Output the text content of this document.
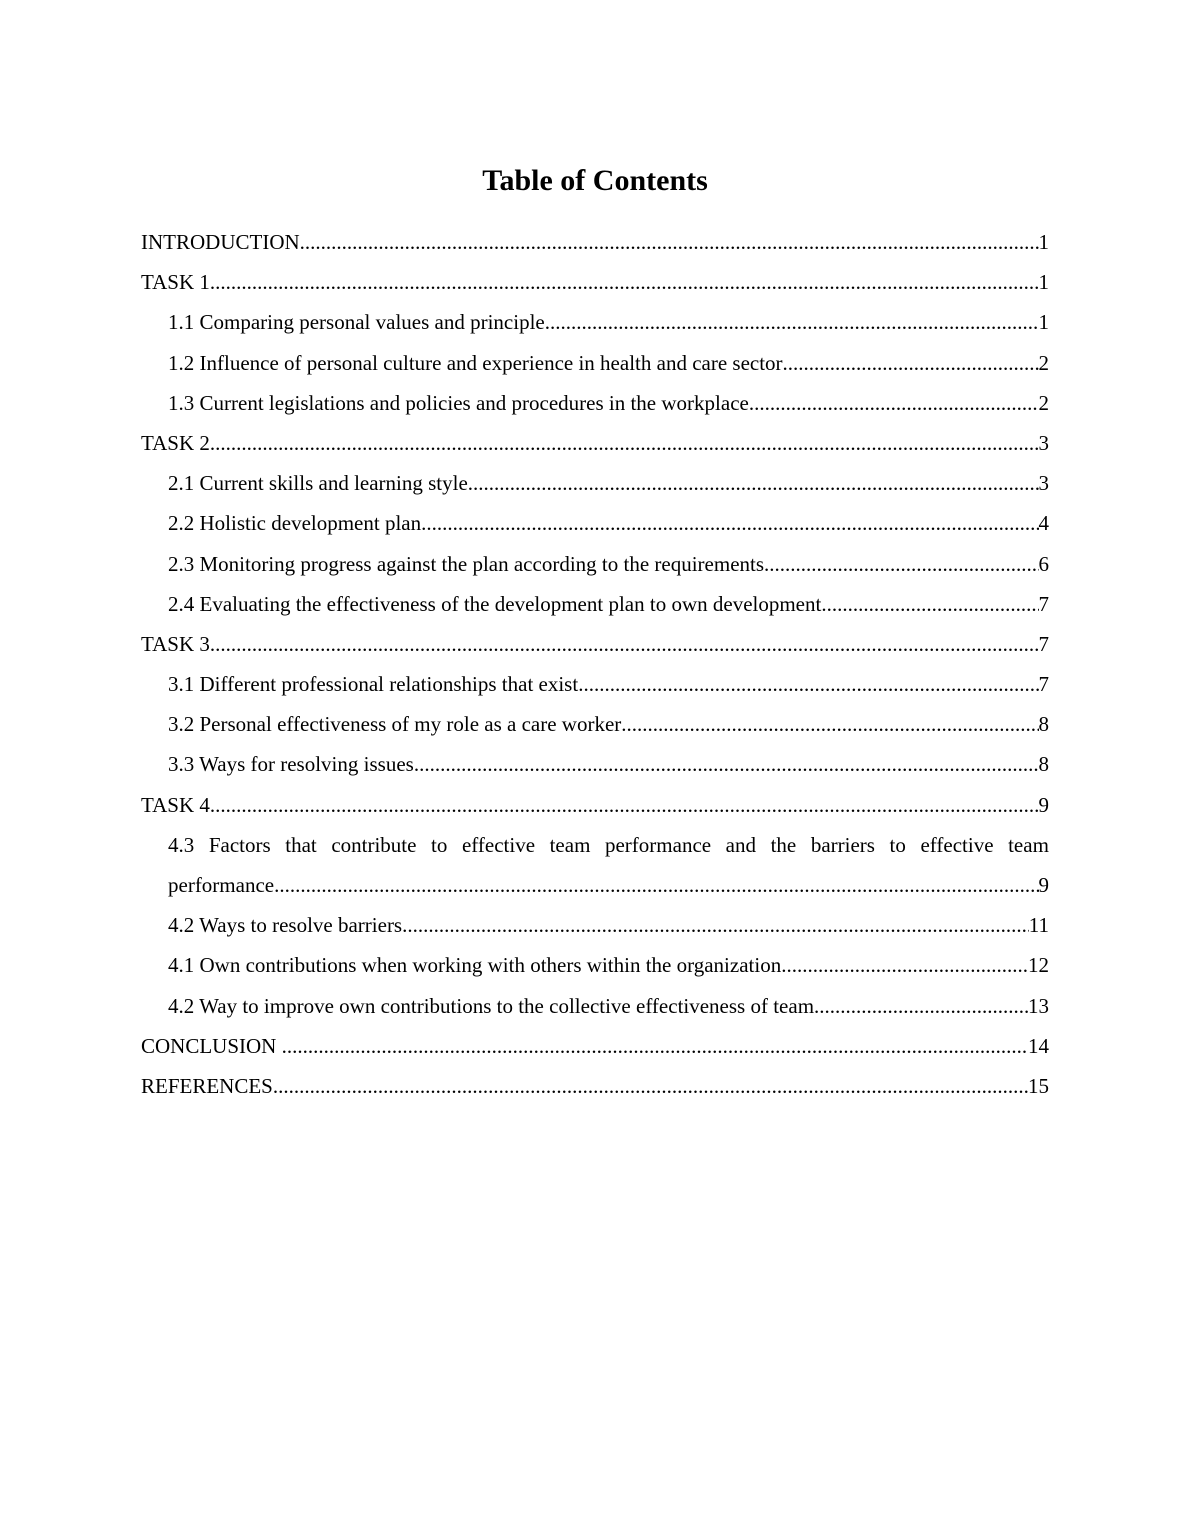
Table of Contents
INTRODUCTION .....	1
TASK 1 .....	1
1.1 Comparing personal values and principle .....	1
1.2 Influence of personal culture and experience in health and care sector .....	2
1.3 Current legislations and policies and procedures in the workplace .....	2
TASK 2 .....	3
2.1 Current skills and learning style .....	3
2.2 Holistic development plan .....	4
2.3 Monitoring progress against the plan according to the requirements .....	6
2.4 Evaluating the effectiveness of the development plan to own development .....	7
TASK 3 .....	7
3.1 Different professional relationships that exist .....	7
3.2 Personal effectiveness of my role as a care worker .....	8
3.3 Ways for resolving issues .....	8
TASK 4 .....	9
4.3 Factors that contribute to effective team performance and the barriers to effective team
performance .....	9
4.2 Ways to resolve barriers .....	11
4.1 Own contributions when working with others within the organization .....	12
4.2 Way to improve own contributions to the collective effectiveness of team .....	13
CONCLUSION .....	14
REFERENCES .....	15
